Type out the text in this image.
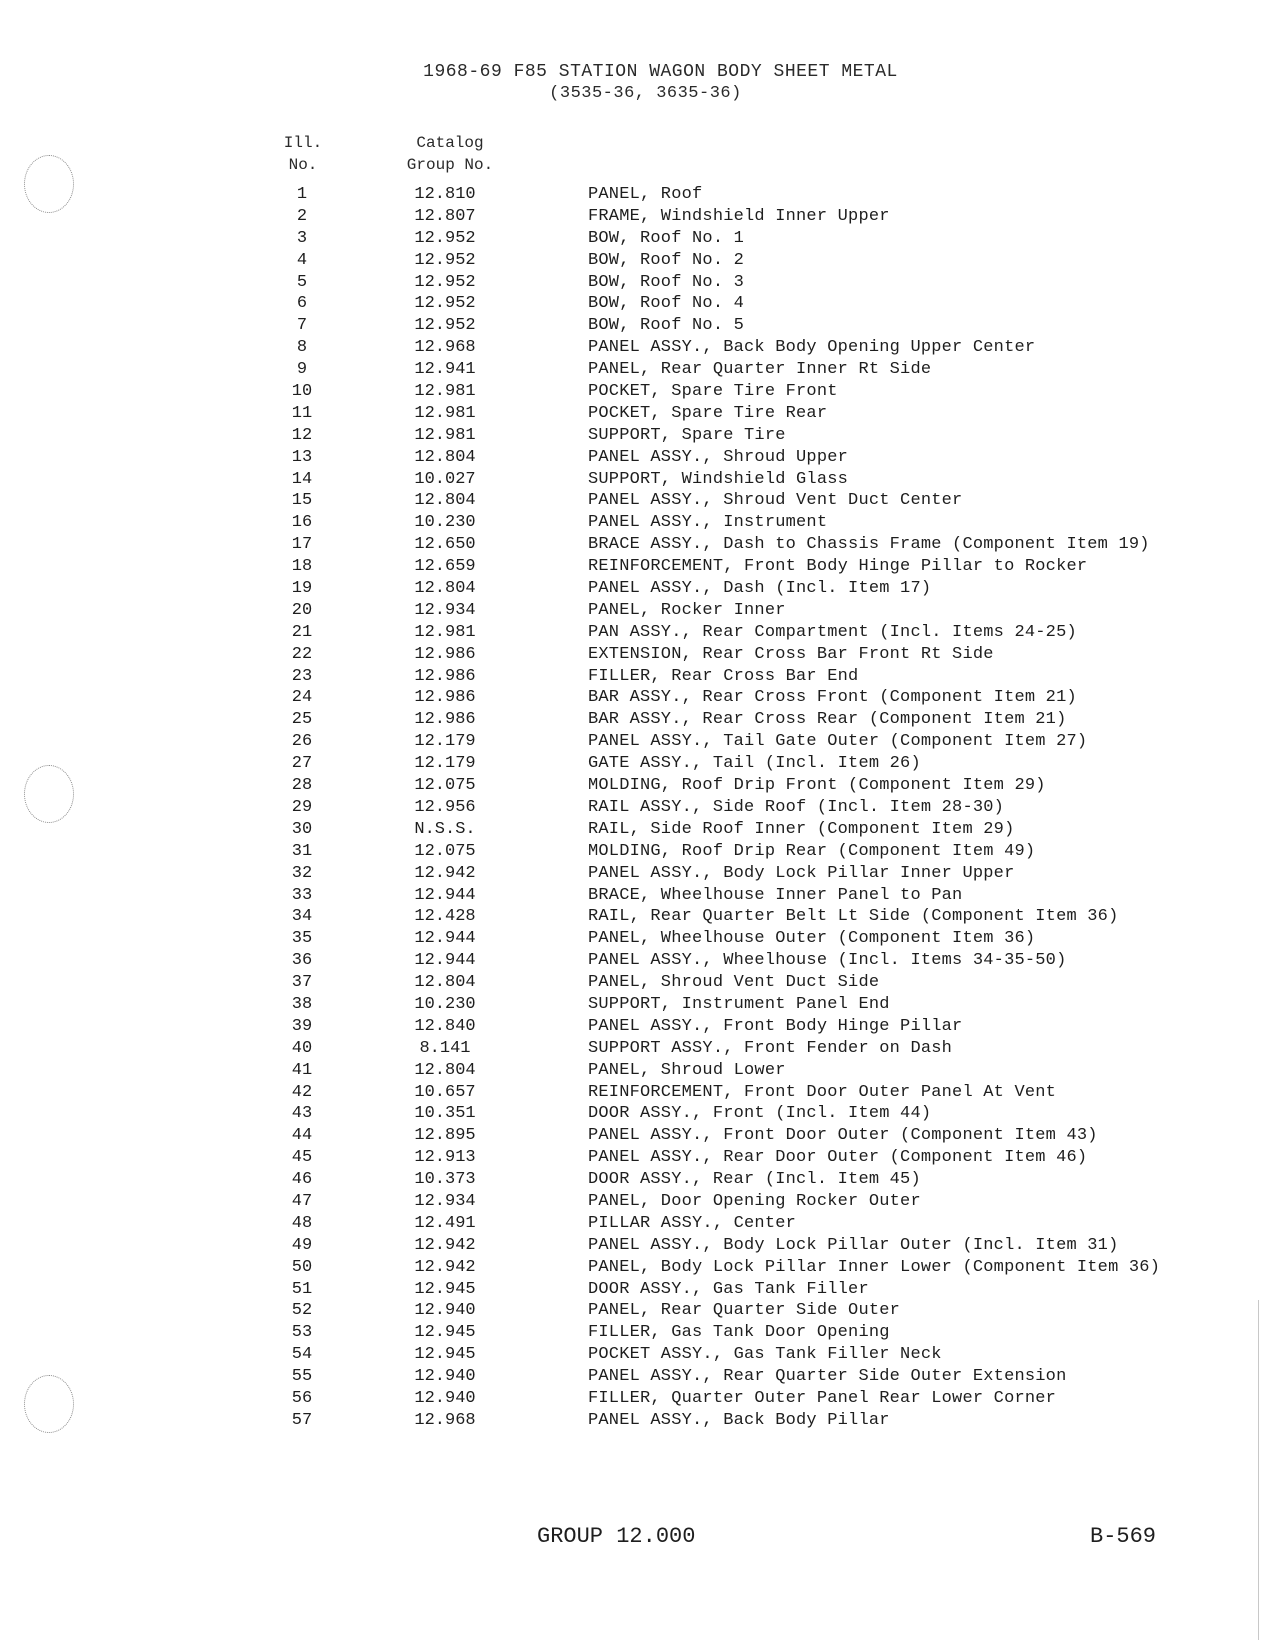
1968-69 F85 STATION WAGON BODY SHEET METAL
(3535-36, 3635-36)
Ill.
No.
Catalog
Group No.
1	12.810	PANEL, Roof
2	12.807	FRAME, Windshield Inner Upper
3	12.952	BOW, Roof No. 1
4	12.952	BOW, Roof No. 2
5	12.952	BOW, Roof No. 3
6	12.952	BOW, Roof No. 4
7	12.952	BOW, Roof No. 5
8	12.968	PANEL ASSY., Back Body Opening Upper Center
9	12.941	PANEL, Rear Quarter Inner Rt Side
10	12.981	POCKET, Spare Tire Front
11	12.981	POCKET, Spare Tire Rear
12	12.981	SUPPORT, Spare Tire
13	12.804	PANEL ASSY., Shroud Upper
14	10.027	SUPPORT, Windshield Glass
15	12.804	PANEL ASSY., Shroud Vent Duct Center
16	10.230	PANEL ASSY., Instrument
17	12.650	BRACE ASSY., Dash to Chassis Frame (Component Item 19)
18	12.659	REINFORCEMENT, Front Body Hinge Pillar to Rocker
19	12.804	PANEL ASSY., Dash (Incl. Item 17)
20	12.934	PANEL, Rocker Inner
21	12.981	PAN ASSY., Rear Compartment (Incl. Items 24-25)
22	12.986	EXTENSION, Rear Cross Bar Front Rt Side
23	12.986	FILLER, Rear Cross Bar End
24	12.986	BAR ASSY., Rear Cross Front (Component Item 21)
25	12.986	BAR ASSY., Rear Cross Rear (Component Item 21)
26	12.179	PANEL ASSY., Tail Gate Outer (Component Item 27)
27	12.179	GATE ASSY., Tail (Incl. Item 26)
28	12.075	MOLDING, Roof Drip Front (Component Item 29)
29	12.956	RAIL ASSY., Side Roof (Incl. Item 28-30)
30	N.S.S.	RAIL, Side Roof Inner (Component Item 29)
31	12.075	MOLDING, Roof Drip Rear (Component Item 49)
32	12.942	PANEL ASSY., Body Lock Pillar Inner Upper
33	12.944	BRACE, Wheelhouse Inner Panel to Pan
34	12.428	RAIL, Rear Quarter Belt Lt Side (Component Item 36)
35	12.944	PANEL, Wheelhouse Outer (Component Item 36)
36	12.944	PANEL ASSY., Wheelhouse (Incl. Items 34-35-50)
37	12.804	PANEL, Shroud Vent Duct Side
38	10.230	SUPPORT, Instrument Panel End
39	12.840	PANEL ASSY., Front Body Hinge Pillar
40	8.141	SUPPORT ASSY., Front Fender on Dash
41	12.804	PANEL, Shroud Lower
42	10.657	REINFORCEMENT, Front Door Outer Panel At Vent
43	10.351	DOOR ASSY., Front (Incl. Item 44)
44	12.895	PANEL ASSY., Front Door Outer (Component Item 43)
45	12.913	PANEL ASSY., Rear Door Outer (Component Item 46)
46	10.373	DOOR ASSY., Rear (Incl. Item 45)
47	12.934	PANEL, Door Opening Rocker Outer
48	12.491	PILLAR ASSY., Center
49	12.942	PANEL ASSY., Body Lock Pillar Outer (Incl. Item 31)
50	12.942	PANEL, Body Lock Pillar Inner Lower (Component Item 36)
51	12.945	DOOR ASSY., Gas Tank Filler
52	12.940	PANEL, Rear Quarter Side Outer
53	12.945	FILLER, Gas Tank Door Opening
54	12.945	POCKET ASSY., Gas Tank Filler Neck
55	12.940	PANEL ASSY., Rear Quarter Side Outer Extension
56	12.940	FILLER, Quarter Outer Panel Rear Lower Corner
57	12.968	PANEL ASSY., Back Body Pillar
GROUP 12.000	B-569
